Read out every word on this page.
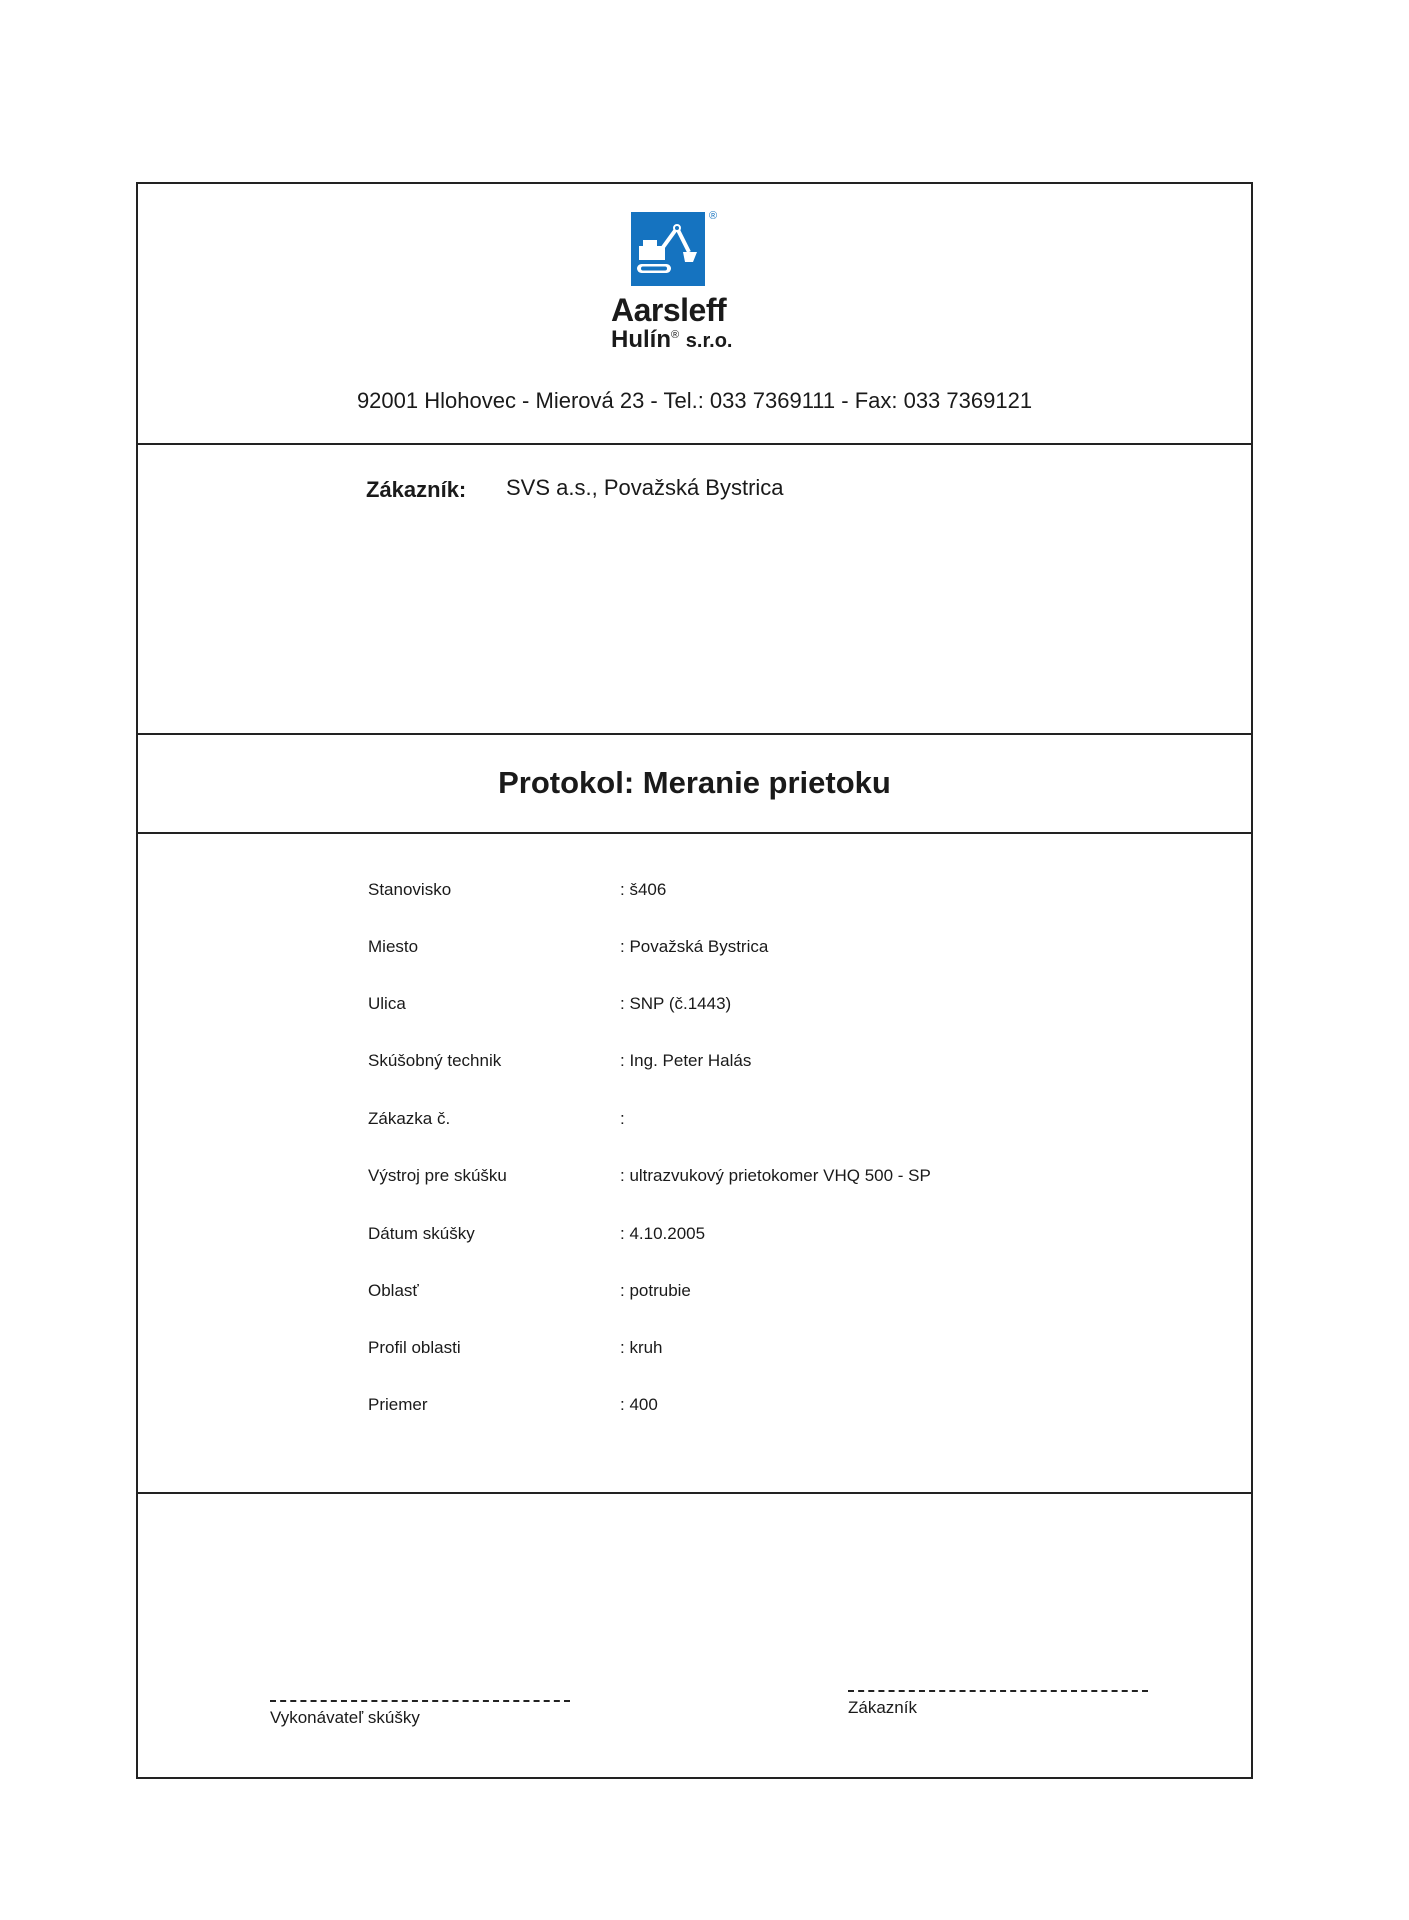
®
Aarsleff
Hulín® s.r.o.
92001 Hlohovec - Mierová 23 - Tel.: 033 7369111 - Fax: 033 7369121
Zákazník: SVS a.s., Považská Bystrica
Protokol: Meranie prietoku
Stanovisko	: š406
Miesto	: Považská Bystrica
Ulica	: SNP (č.1443)
Skúšobný technik	: Ing. Peter Halás
Zákazka č.	:
Výstroj pre skúšku	: ultrazvukový prietokomer VHQ 500 - SP
Dátum skúšky	: 4.10.2005
Oblasť	: potrubie
Profil oblasti	: kruh
Priemer	: 400
Vykonávateľ skúšky
Zákazník
